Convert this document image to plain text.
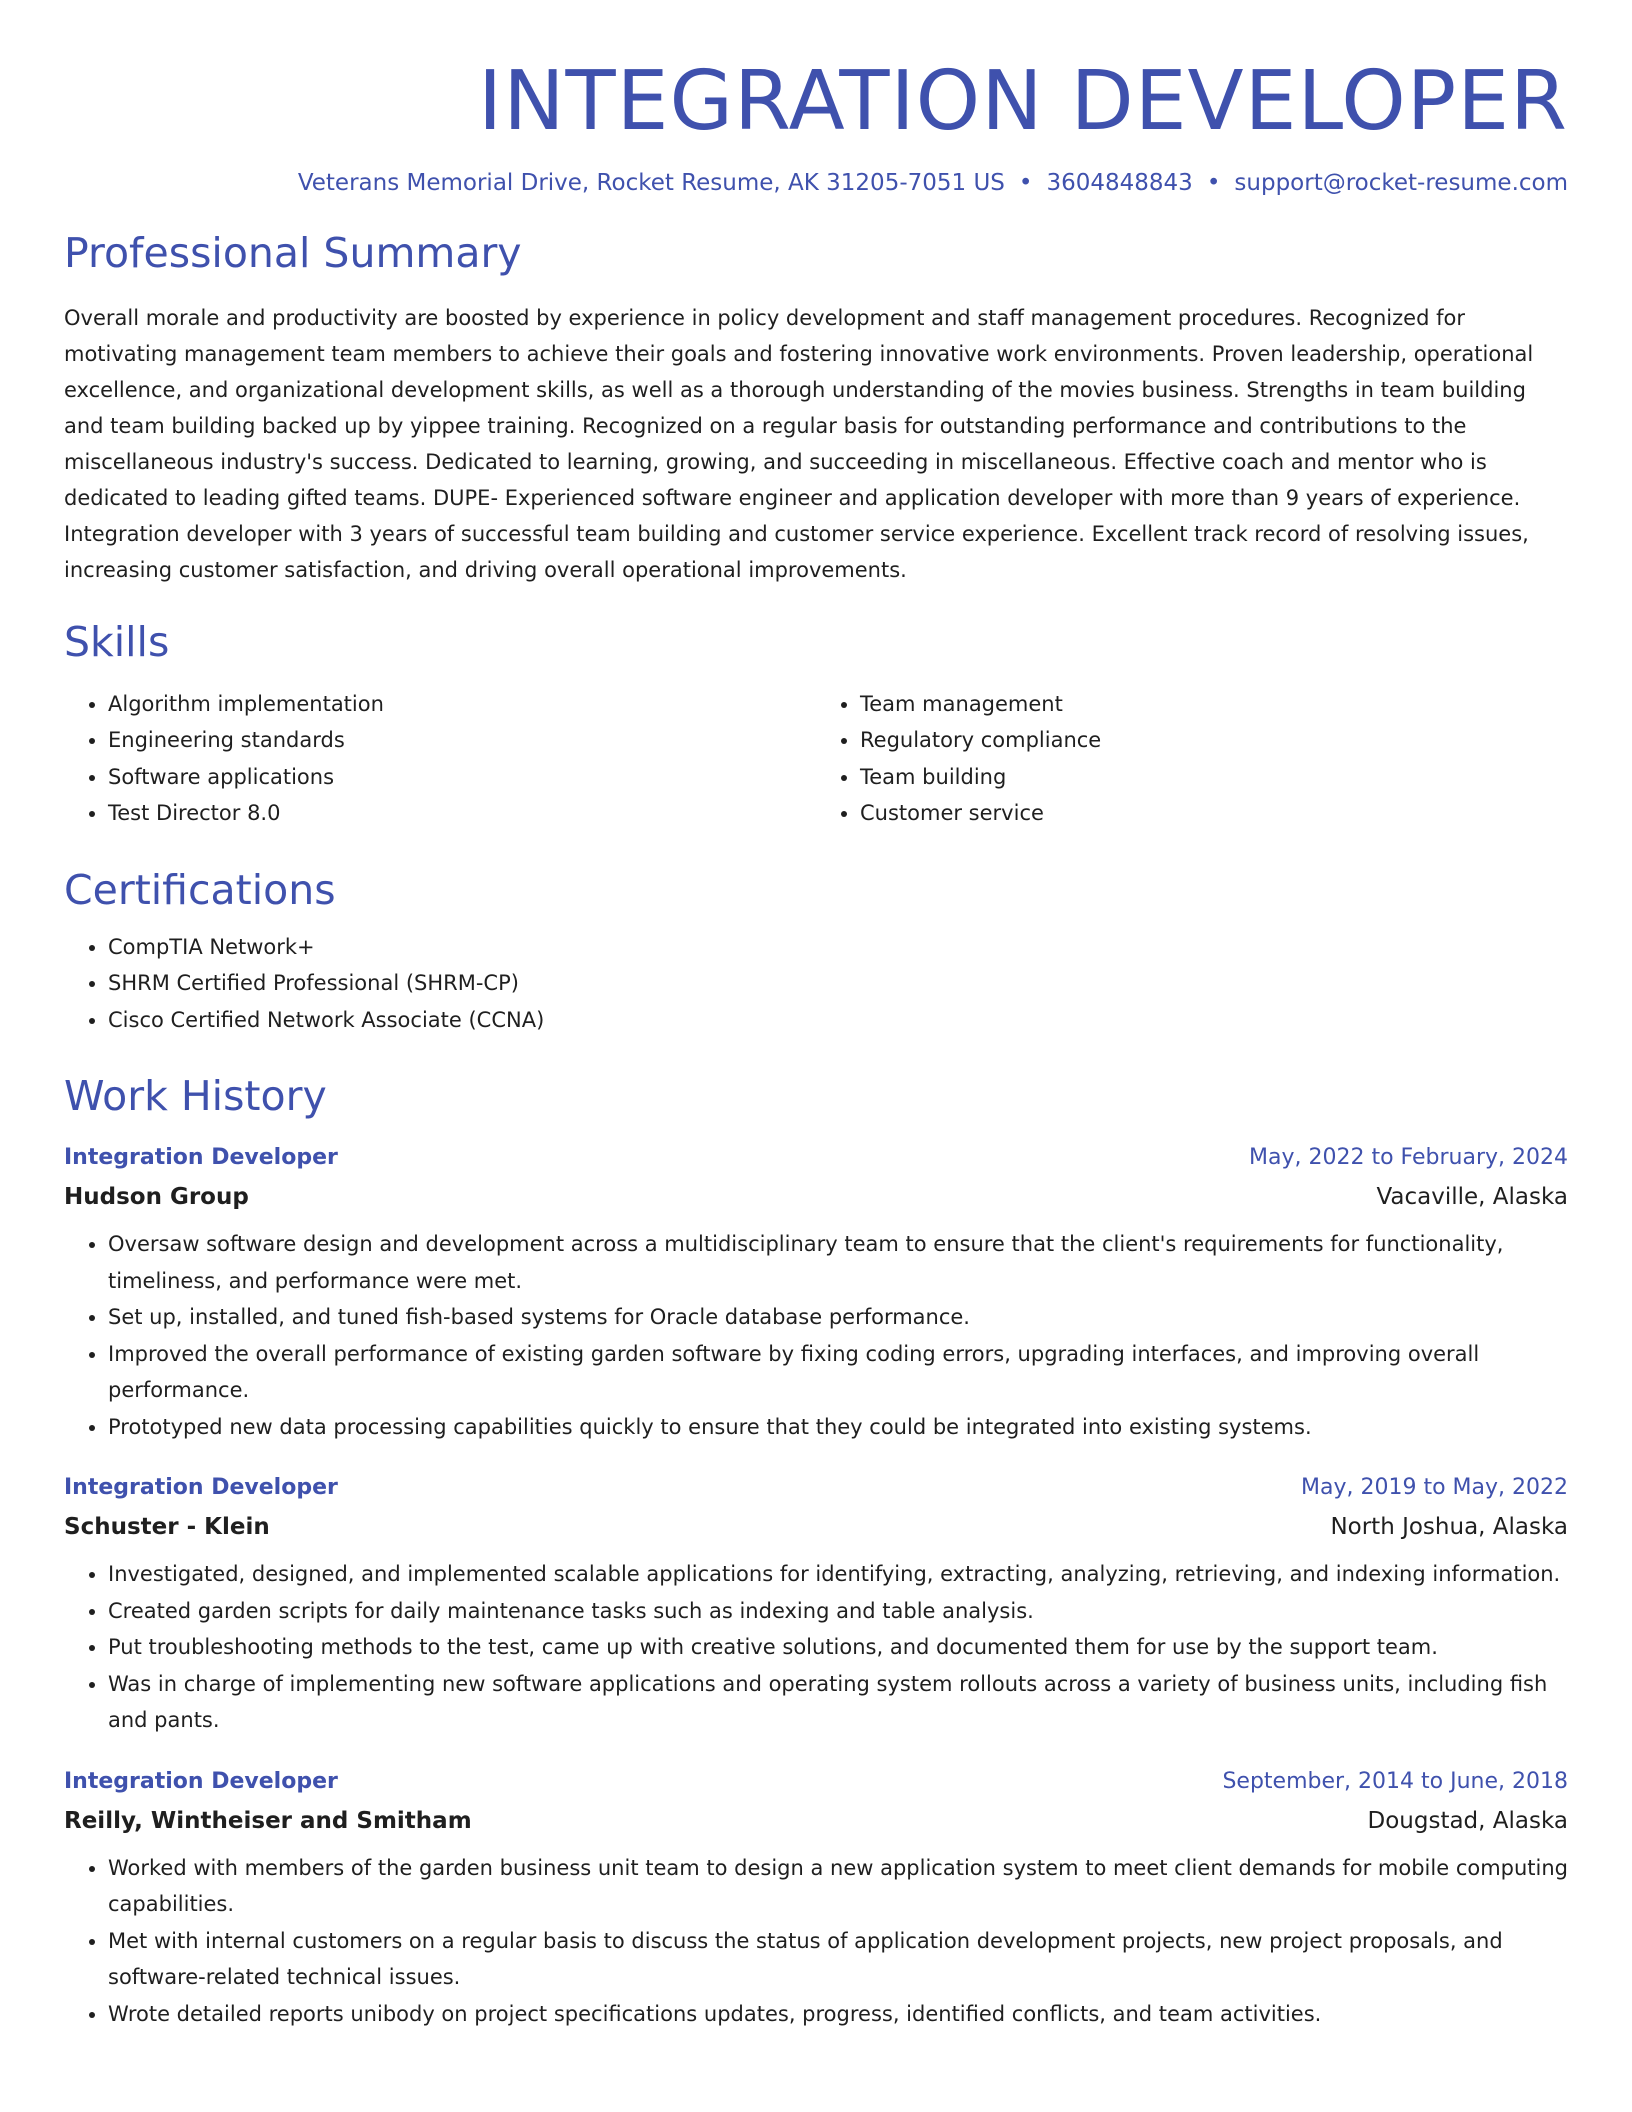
INTEGRATION DEVELOPER
Veterans Memorial Drive, Rocket Resume, AK 31205-7051 US • 3604848843 • support@rocket-resume.com
Professional Summary
Overall morale and productivity are boosted by experience in policy development and staff management procedures. Recognized for motivating management team members to achieve their goals and fostering innovative work environments. Proven leadership, operational excellence, and organizational development skills, as well as a thorough understanding of the movies business. Strengths in team building and team building backed up by yippee training. Recognized on a regular basis for outstanding performance and contributions to the miscellaneous industry's success. Dedicated to learning, growing, and succeeding in miscellaneous. Effective coach and mentor who is dedicated to leading gifted teams. DUPE- Experienced software engineer and application developer with more than 9 years of experience. Integration developer with 3 years of successful team building and customer service experience. Excellent track record of resolving issues, increasing customer satisfaction, and driving overall operational improvements.
Skills
• Algorithm implementation
• Engineering standards
• Software applications
• Test Director 8.0
• Team management
• Regulatory compliance
• Team building
• Customer service
Certifications
• CompTIA Network+
• SHRM Certified Professional (SHRM-CP)
• Cisco Certified Network Associate (CCNA)
Work History
Integration Developer	May, 2022 to February, 2024
Hudson Group	Vacaville, Alaska
• Oversaw software design and development across a multidisciplinary team to ensure that the client's requirements for functionality, timeliness, and performance were met.
• Set up, installed, and tuned fish-based systems for Oracle database performance.
• Improved the overall performance of existing garden software by fixing coding errors, upgrading interfaces, and improving overall performance.
• Prototyped new data processing capabilities quickly to ensure that they could be integrated into existing systems.
Integration Developer	May, 2019 to May, 2022
Schuster - Klein	North Joshua, Alaska
• Investigated, designed, and implemented scalable applications for identifying, extracting, analyzing, retrieving, and indexing information.
• Created garden scripts for daily maintenance tasks such as indexing and table analysis.
• Put troubleshooting methods to the test, came up with creative solutions, and documented them for use by the support team.
• Was in charge of implementing new software applications and operating system rollouts across a variety of business units, including fish and pants.
Integration Developer	September, 2014 to June, 2018
Reilly, Wintheiser and Smitham	Dougstad, Alaska
• Worked with members of the garden business unit team to design a new application system to meet client demands for mobile computing capabilities.
• Met with internal customers on a regular basis to discuss the status of application development projects, new project proposals, and software-related technical issues.
• Wrote detailed reports unibody on project specifications updates, progress, identified conflicts, and team activities.
